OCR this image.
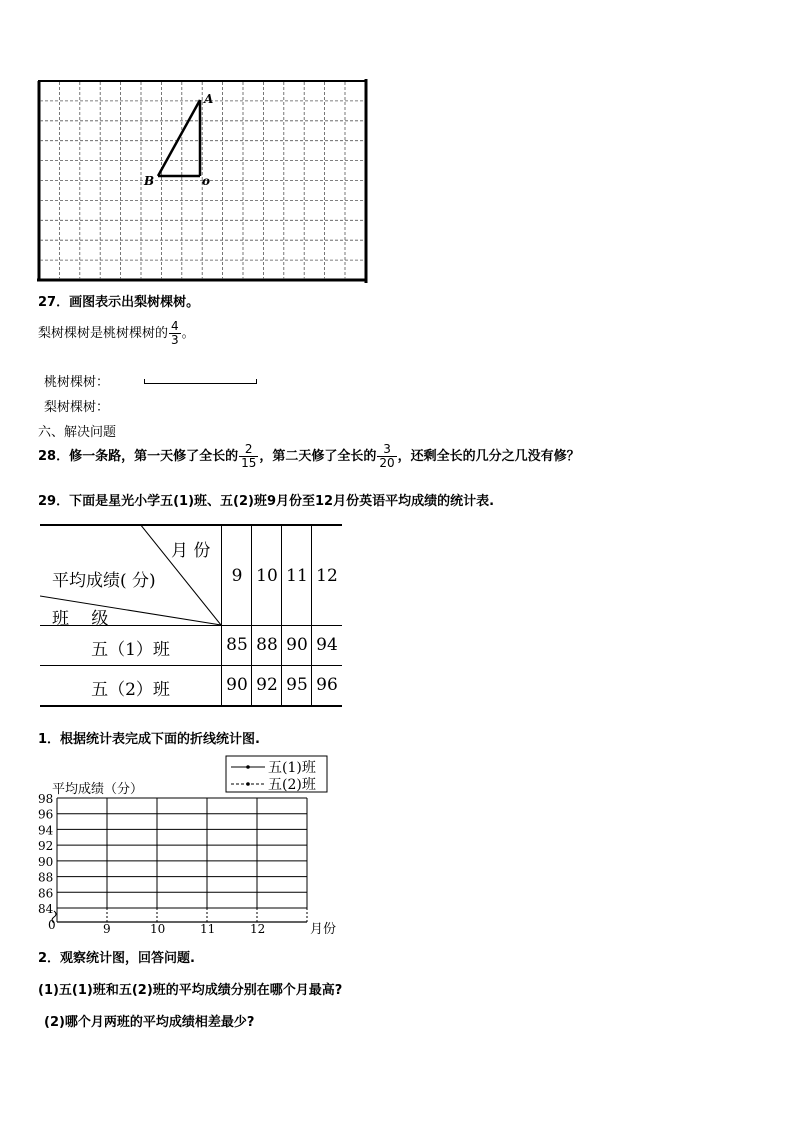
A
B	o
27．画图表示出梨树棵树。
梨树棵树是桃树棵树的 $\frac{4}{3}$ 。
桃树棵树：
梨树棵树：
六、解决问题
28．修一条路，第一天修了全长的 $\frac{2}{15}$ ，第二天修了全长的 $\frac{3}{20}$ ，还剩全长的几分之几没有修？
29．下面是星光小学五(1)班、五(2)班9月份至12月份英语平均成绩的统计表.
月 份
平均成绩( 分)
班　 级
9 10 11 12
五（1）班	85 88 90 94
五（2）班	90 92 95 96
1．根据统计表完成下面的折线统计图.
五(1)班
五(2)班
平均成绩（分）
98
96
94
92
90
88
86
84
0	9	10	11	12	月份
2．观察统计图，回答问题.
(1)五(1)班和五(2)班的平均成绩分别在哪个月最高?
(2)哪个月两班的平均成绩相差最少?
